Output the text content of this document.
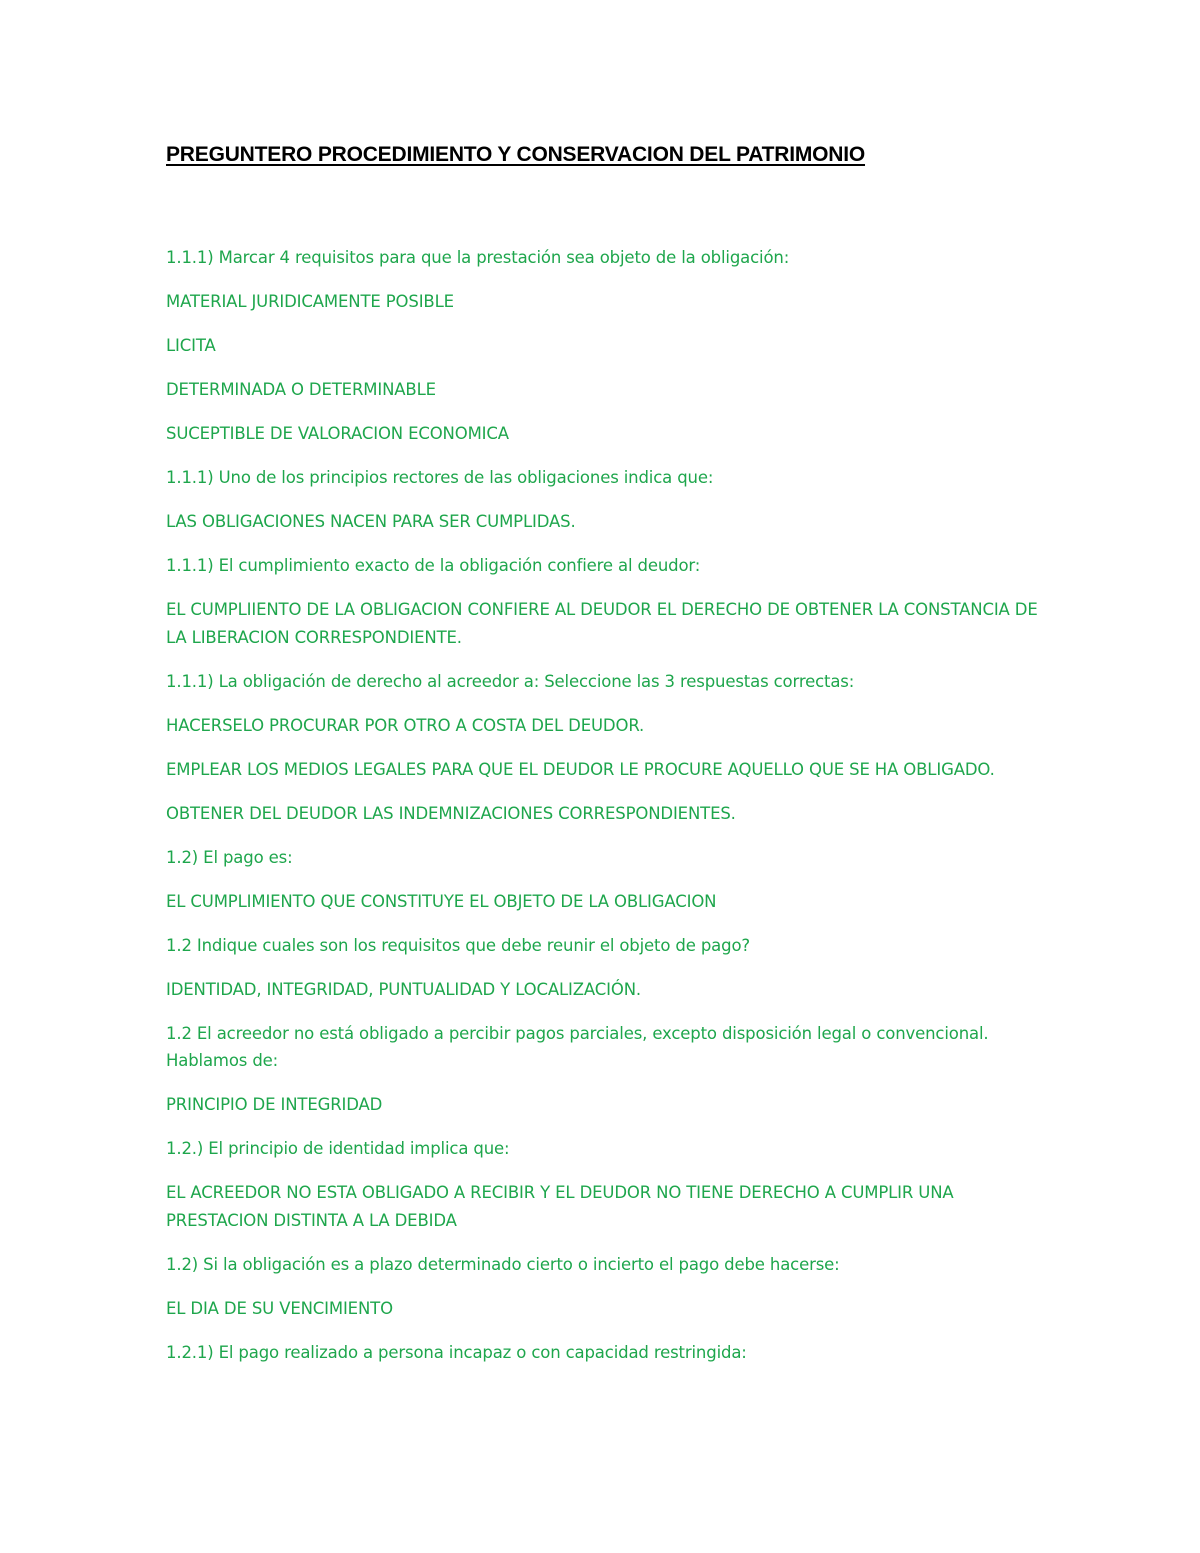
PREGUNTERO PROCEDIMIENTO Y CONSERVACION DEL PATRIMONIO
1.1.1) Marcar 4 requisitos para que la prestación sea objeto de la obligación:
MATERIAL JURIDICAMENTE POSIBLE
LICITA
DETERMINADA O DETERMINABLE
SUCEPTIBLE DE VALORACION ECONOMICA
1.1.1) Uno de los principios rectores de las obligaciones indica que:
LAS OBLIGACIONES NACEN PARA SER CUMPLIDAS.
1.1.1) El cumplimiento exacto de la obligación confiere al deudor:
EL CUMPLIIENTO DE LA OBLIGACION CONFIERE AL DEUDOR EL DERECHO DE OBTENER LA CONSTANCIA DE LA LIBERACION CORRESPONDIENTE.
1.1.1) La obligación de derecho al acreedor a: Seleccione las 3 respuestas correctas:
HACERSELO PROCURAR POR OTRO A COSTA DEL DEUDOR.
EMPLEAR LOS MEDIOS LEGALES PARA QUE EL DEUDOR LE PROCURE AQUELLO QUE SE HA OBLIGADO.
OBTENER DEL DEUDOR LAS INDEMNIZACIONES CORRESPONDIENTES.
1.2) El pago es:
EL CUMPLIMIENTO QUE CONSTITUYE EL OBJETO DE LA OBLIGACION
1.2 Indique cuales son los requisitos que debe reunir el objeto de pago?
IDENTIDAD, INTEGRIDAD, PUNTUALIDAD Y LOCALIZACIÓN.
1.2 El acreedor no está obligado a percibir pagos parciales, excepto disposición legal o convencional. Hablamos de:
PRINCIPIO DE INTEGRIDAD
1.2.) El principio de identidad implica que:
EL ACREEDOR NO ESTA OBLIGADO A RECIBIR Y EL DEUDOR NO TIENE DERECHO A CUMPLIR UNA PRESTACION DISTINTA A LA DEBIDA
1.2) Si la obligación es a plazo determinado cierto o incierto el pago debe hacerse:
EL DIA DE SU VENCIMIENTO
1.2.1) El pago realizado a persona incapaz o con capacidad restringida:
